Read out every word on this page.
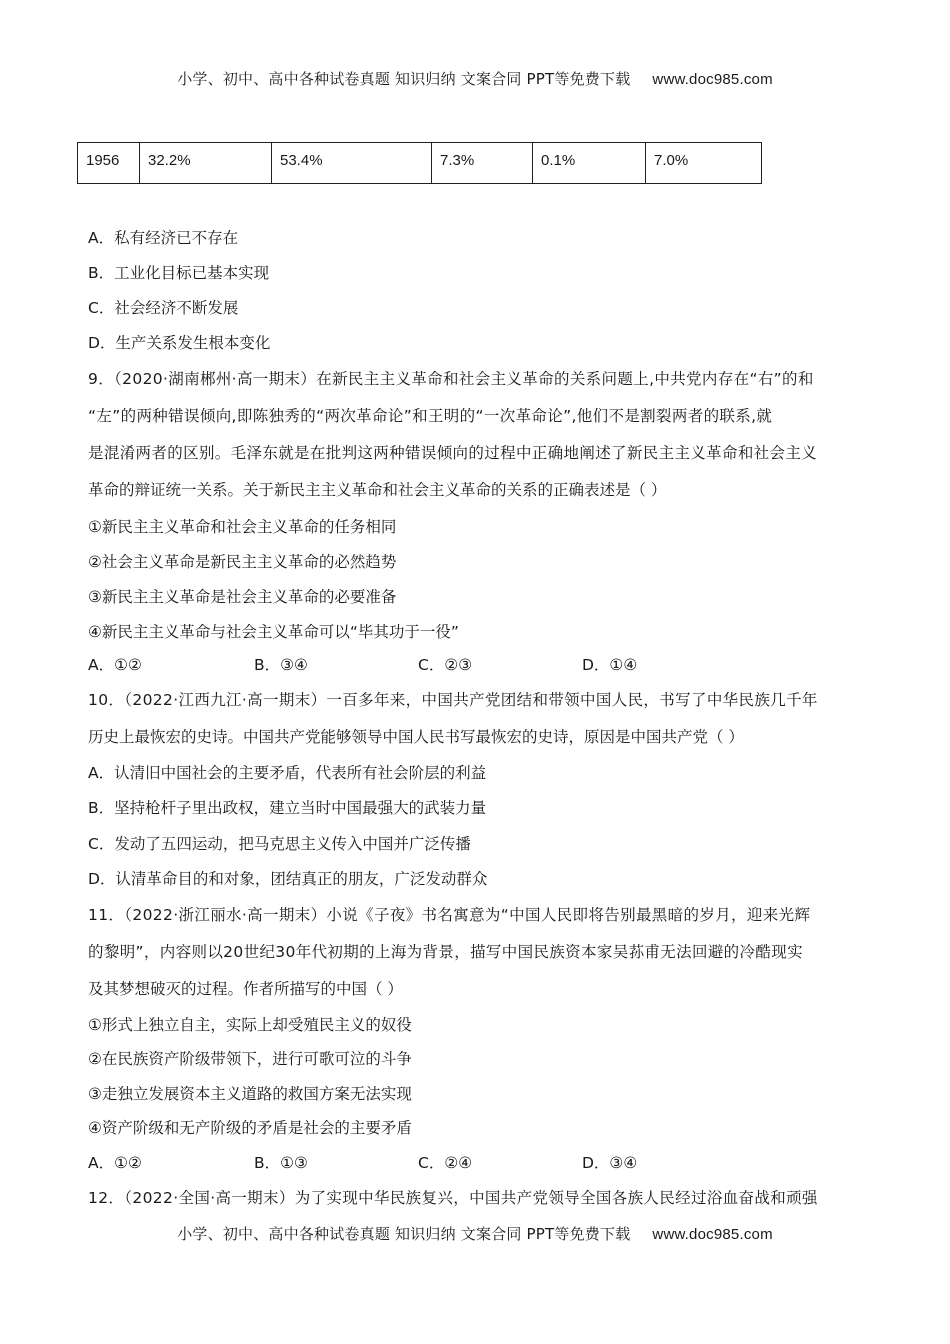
小学、初中、高中各种试卷真题 知识归纳 文案合同 PPT等免费下载 www.doc985.com
1956	32.2%	53.4%	7.3%	0.1%	7.0%
A．私有经济已不存在
B．工业化目标已基本实现
C．社会经济不断发展
D．生产关系发生根本变化
9．（2020·湖南郴州·高一期末）在新民主主义革命和社会主义革命的关系问题上,中共党内存在“右”的和
“左”的两种错误倾向,即陈独秀的“两次革命论”和王明的“一次革命论”,他们不是割裂两者的联系,就
是混淆两者的区别。毛泽东就是在批判这两种错误倾向的过程中正确地阐述了新民主主义革命和社会主义
革命的辩证统一关系。关于新民主主义革命和社会主义革命的关系的正确表述是（ ）
①新民主主义革命和社会主义革命的任务相同
②社会主义革命是新民主主义革命的必然趋势
③新民主主义革命是社会主义革命的必要准备
④新民主主义革命与社会主义革命可以“毕其功于一役”
A．①②	B．③④	C．②③	D．①④
10．（2022·江西九江·高一期末）一百多年来，中国共产党团结和带领中国人民，书写了中华民族几千年
历史上最恢宏的史诗。中国共产党能够领导中国人民书写最恢宏的史诗，原因是中国共产党（ ）
A．认清旧中国社会的主要矛盾，代表所有社会阶层的利益
B．坚持枪杆子里出政权，建立当时中国最强大的武装力量
C．发动了五四运动，把马克思主义传入中国并广泛传播
D．认清革命目的和对象，团结真正的朋友，广泛发动群众
11．（2022·浙江丽水·高一期末）小说《子夜》书名寓意为“中国人民即将告别最黑暗的岁月，迎来光辉
的黎明”，内容则以20世纪30年代初期的上海为背景，描写中国民族资本家吴荪甫无法回避的冷酷现实
及其梦想破灭的过程。作者所描写的中国（ ）
①形式上独立自主，实际上却受殖民主义的奴役
②在民族资产阶级带领下，进行可歌可泣的斗争
③走独立发展资本主义道路的救国方案无法实现
④资产阶级和无产阶级的矛盾是社会的主要矛盾
A．①②	B．①③	C．②④	D．③④
12．（2022·全国·高一期末）为了实现中华民族复兴，中国共产党领导全国各族人民经过浴血奋战和顽强
小学、初中、高中各种试卷真题 知识归纳 文案合同 PPT等免费下载 www.doc985.com
